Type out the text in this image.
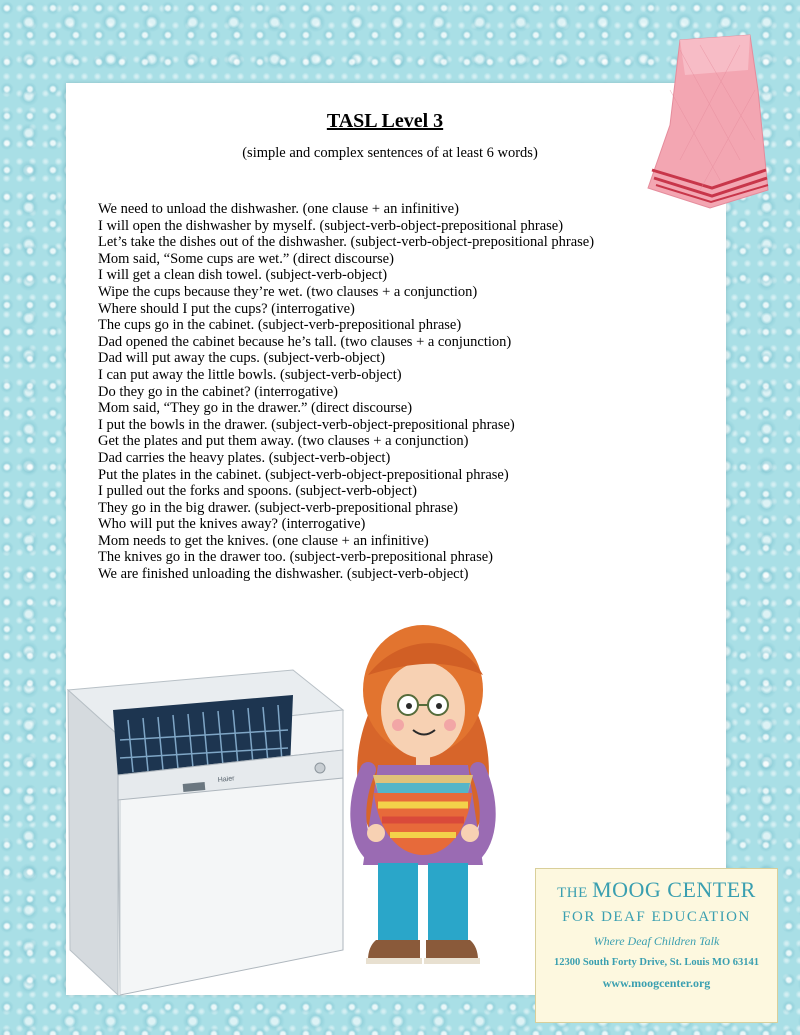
TASL Level 3

(simple and complex sentences of at least 6 words)

We need to unload the dishwasher. (one clause + an infinitive)
I will open the dishwasher by myself. (subject-verb-object-prepositional phrase)
Let’s take the dishes out of the dishwasher. (subject-verb-object-prepositional phrase)
Mom said, “Some cups are wet.” (direct discourse)
I will get a clean dish towel. (subject-verb-object)
Wipe the cups because they’re wet. (two clauses + a conjunction)
Where should I put the cups? (interrogative)
The cups go in the cabinet. (subject-verb-prepositional phrase)
Dad opened the cabinet because he’s tall. (two clauses + a conjunction)
Dad will put away the cups. (subject-verb-object)
I can put away the little bowls. (subject-verb-object)
Do they go in the cabinet? (interrogative)
Mom said, “They go in the drawer.” (direct discourse)
I put the bowls in the drawer. (subject-verb-object-prepositional phrase)
Get the plates and put them away. (two clauses + a conjunction)
Dad carries the heavy plates. (subject-verb-object)
Put the plates in the cabinet. (subject-verb-object-prepositional phrase)
I pulled out the forks and spoons. (subject-verb-object)
They go in the big drawer. (subject-verb-prepositional phrase)
Who will put the knives away? (interrogative)
Mom needs to get the knives. (one clause + an infinitive)
The knives go in the drawer too. (subject-verb-prepositional phrase)
We are finished unloading the dishwasher. (subject-verb-object)
Haier
THE MOOG CENTER
FOR DEAF EDUCATION
Where Deaf Children Talk
12300 South Forty Drive, St. Louis MO 63141
www.moogcenter.org
